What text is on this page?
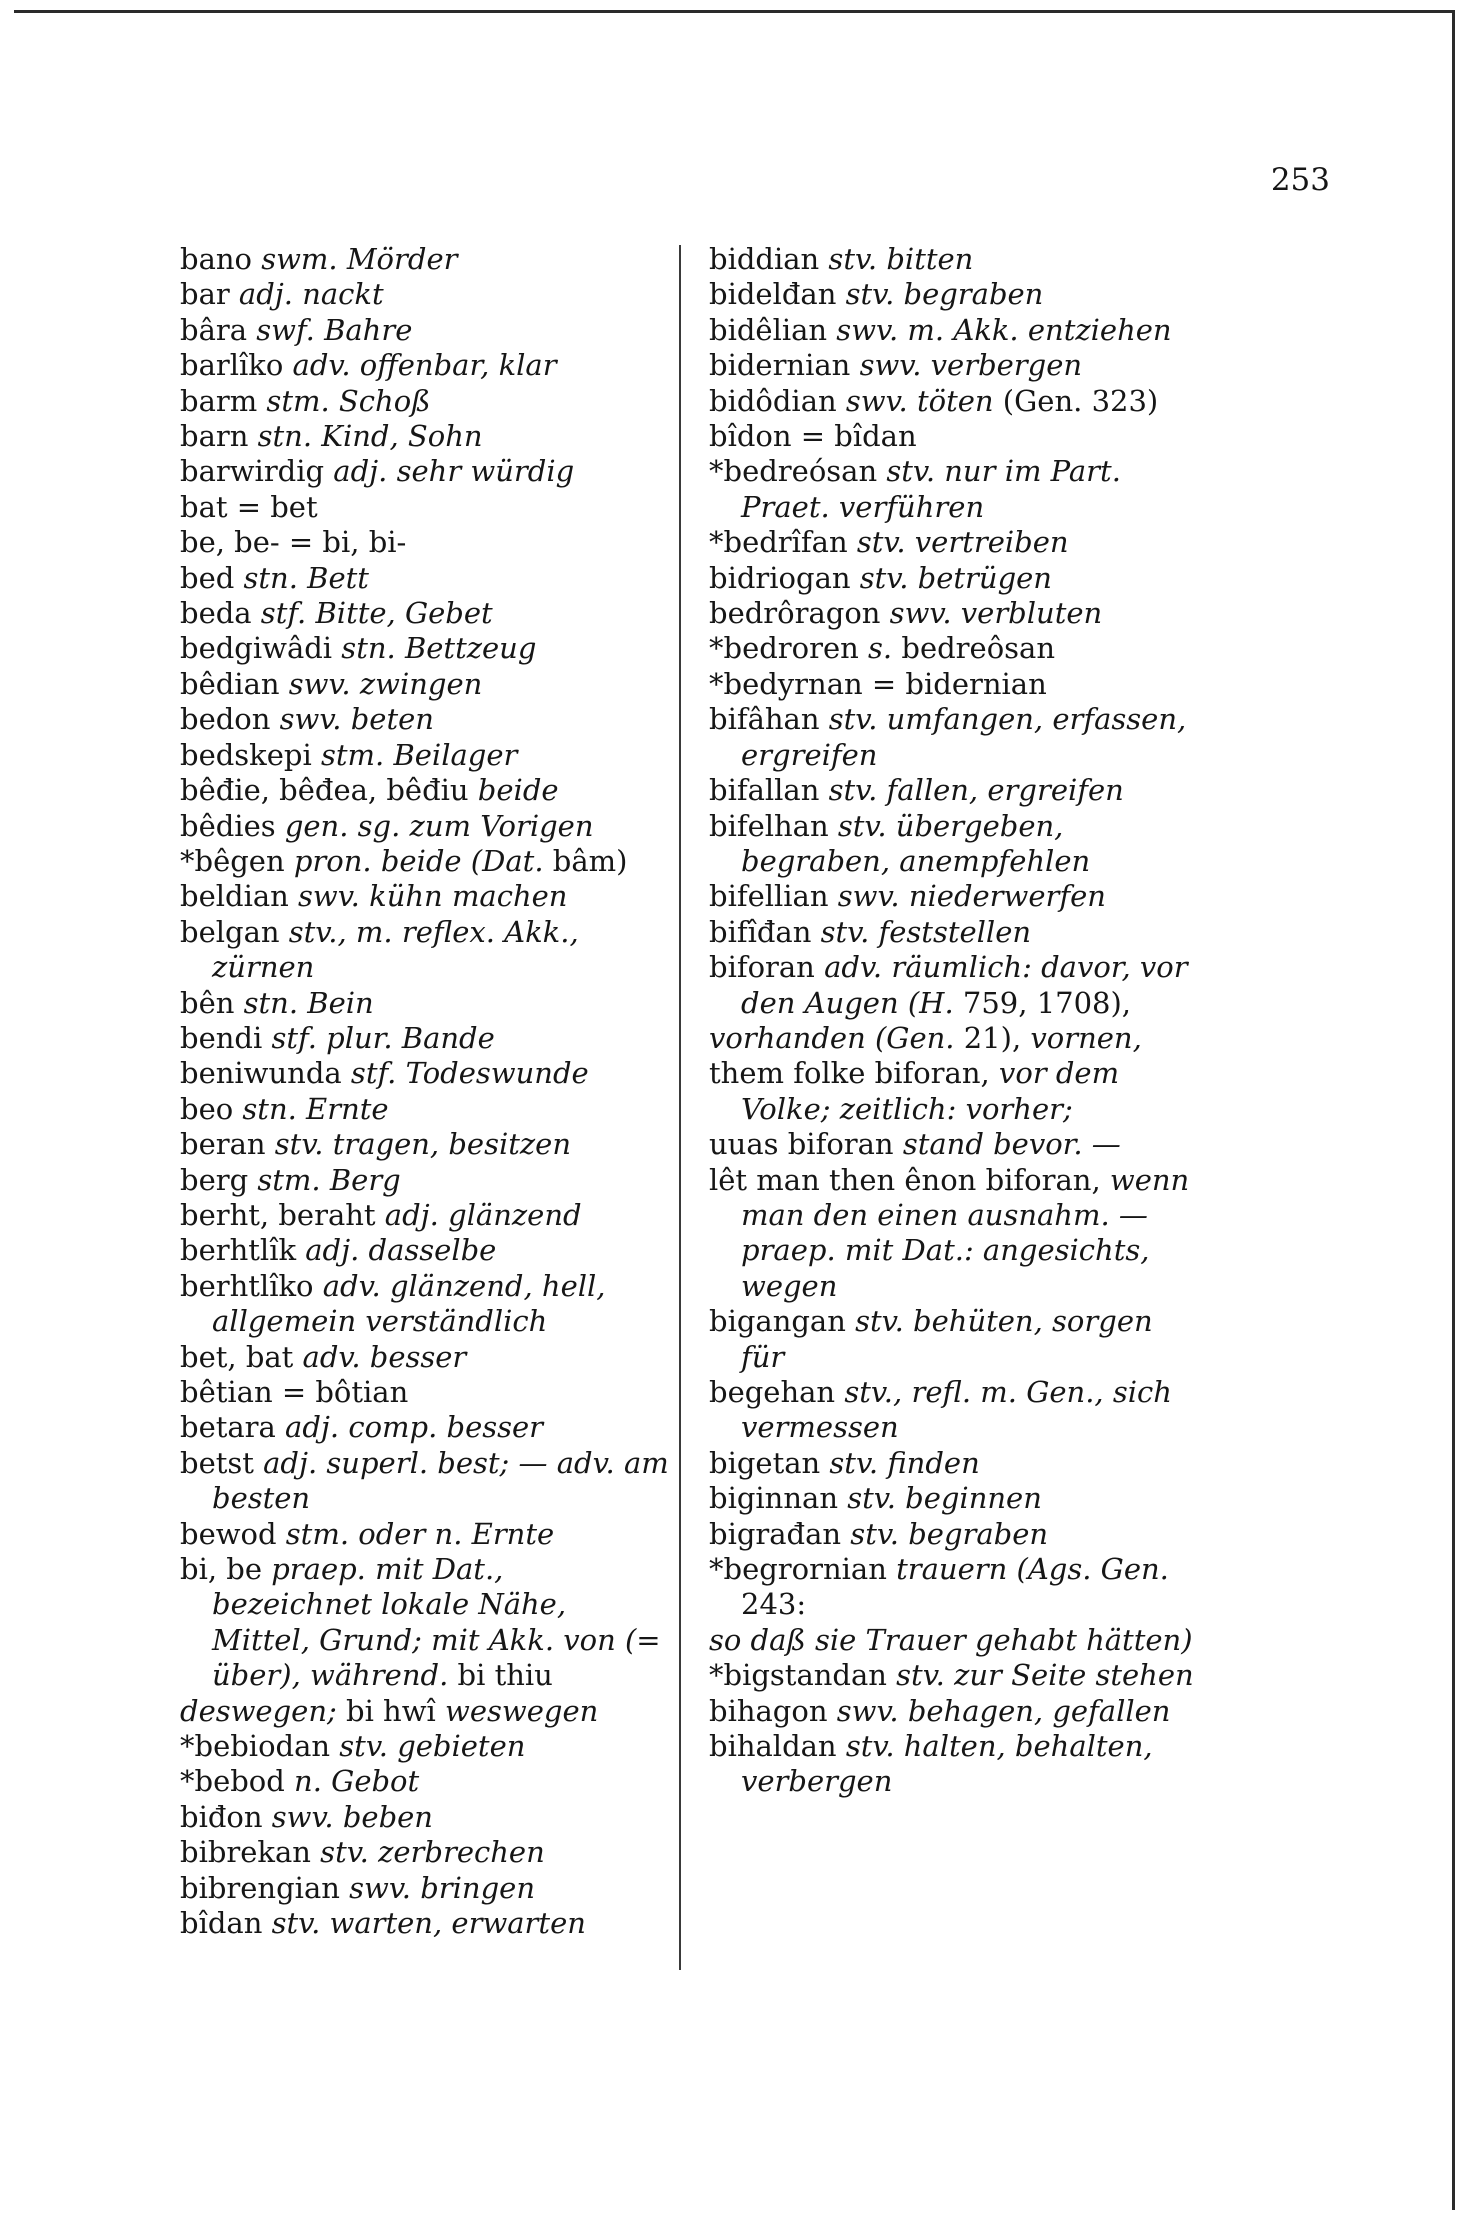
253
bano swm. Mörder
bar adj. nackt
bâra swf. Bahre
barlîko adv. offenbar, klar
barm stm. Schoß
barn stn. Kind, Sohn
barwirdig adj. sehr würdig
bat = bet
be, be- = bi, bi-
bed stn. Bett
beda stf. Bitte, Gebet
bedgiwâdi stn. Bettzeug
bêdian swv. zwingen
bedon swv. beten
bedskepi stm. Beilager
bêđie, bêđea, bêđiu beide
bêdies gen. sg. zum Vorigen
*bêgen pron. beide (Dat. bâm)
beldian swv. kühn machen
belgan stv., m. reflex. Akk., zürnen
bên stn. Bein
bendi stf. plur. Bande
beniwunda stf. Todeswunde
beo stn. Ernte
beran stv. tragen, besitzen
berg stm. Berg
berht, beraht adj. glänzend
berhtlîk adj. dasselbe
berhtlîko adv. glänzend, hell, allgemein verständlich
bet, bat adv. besser
bêtian = bôtian
betara adj. comp. besser
betst adj. superl. best; — adv. am besten
bewod stm. oder n. Ernte
bi, be praep. mit Dat., bezeichnet lokale Nähe, Mittel, Grund; mit Akk. von (= über), während. bi thiu
deswegen; bi hwî weswegen
*bebiodan stv. gebieten
*bebod n. Gebot
biđon swv. beben
bibrekan stv. zerbrechen
bibrengian swv. bringen
bîdan stv. warten, erwarten
biddian stv. bitten
bidelđan stv. begraben
bidêlian swv. m. Akk. entziehen
bidernian swv. verbergen
bidôdian swv. töten (Gen. 323)
bîdon = bîdan
*bedreósan stv. nur im Part. Praet. verführen
*bedrîfan stv. vertreiben
bidriogan stv. betrügen
bedrôragon swv. verbluten
*bedroren s. bedreôsan
*bedyrnan = bidernian
bifâhan stv. umfangen, erfassen, ergreifen
bifallan stv. fallen, ergreifen
bifelhan stv. übergeben, begraben, anempfehlen
bifellian swv. niederwerfen
bifîđan stv. feststellen
biforan adv. räumlich: davor, vor den Augen (H. 759, 1708),
vorhanden (Gen. 21), vornen,
them folke biforan, vor dem Volke; zeitlich: vorher;
uuas biforan stand bevor. —
lêt man then ênon biforan, wenn man den einen ausnahm. — praep. mit Dat.: angesichts, wegen
bigangan stv. behüten, sorgen für
begehan stv., refl. m. Gen., sich vermessen
bigetan stv. finden
biginnan stv. beginnen
bigrađan stv. begraben
*begrornian trauern (Ags. Gen. 243:
so daß sie Trauer gehabt hätten)
*bigstandan stv. zur Seite stehen
bihagon swv. behagen, gefallen
bihaldan stv. halten, behalten, verbergen
